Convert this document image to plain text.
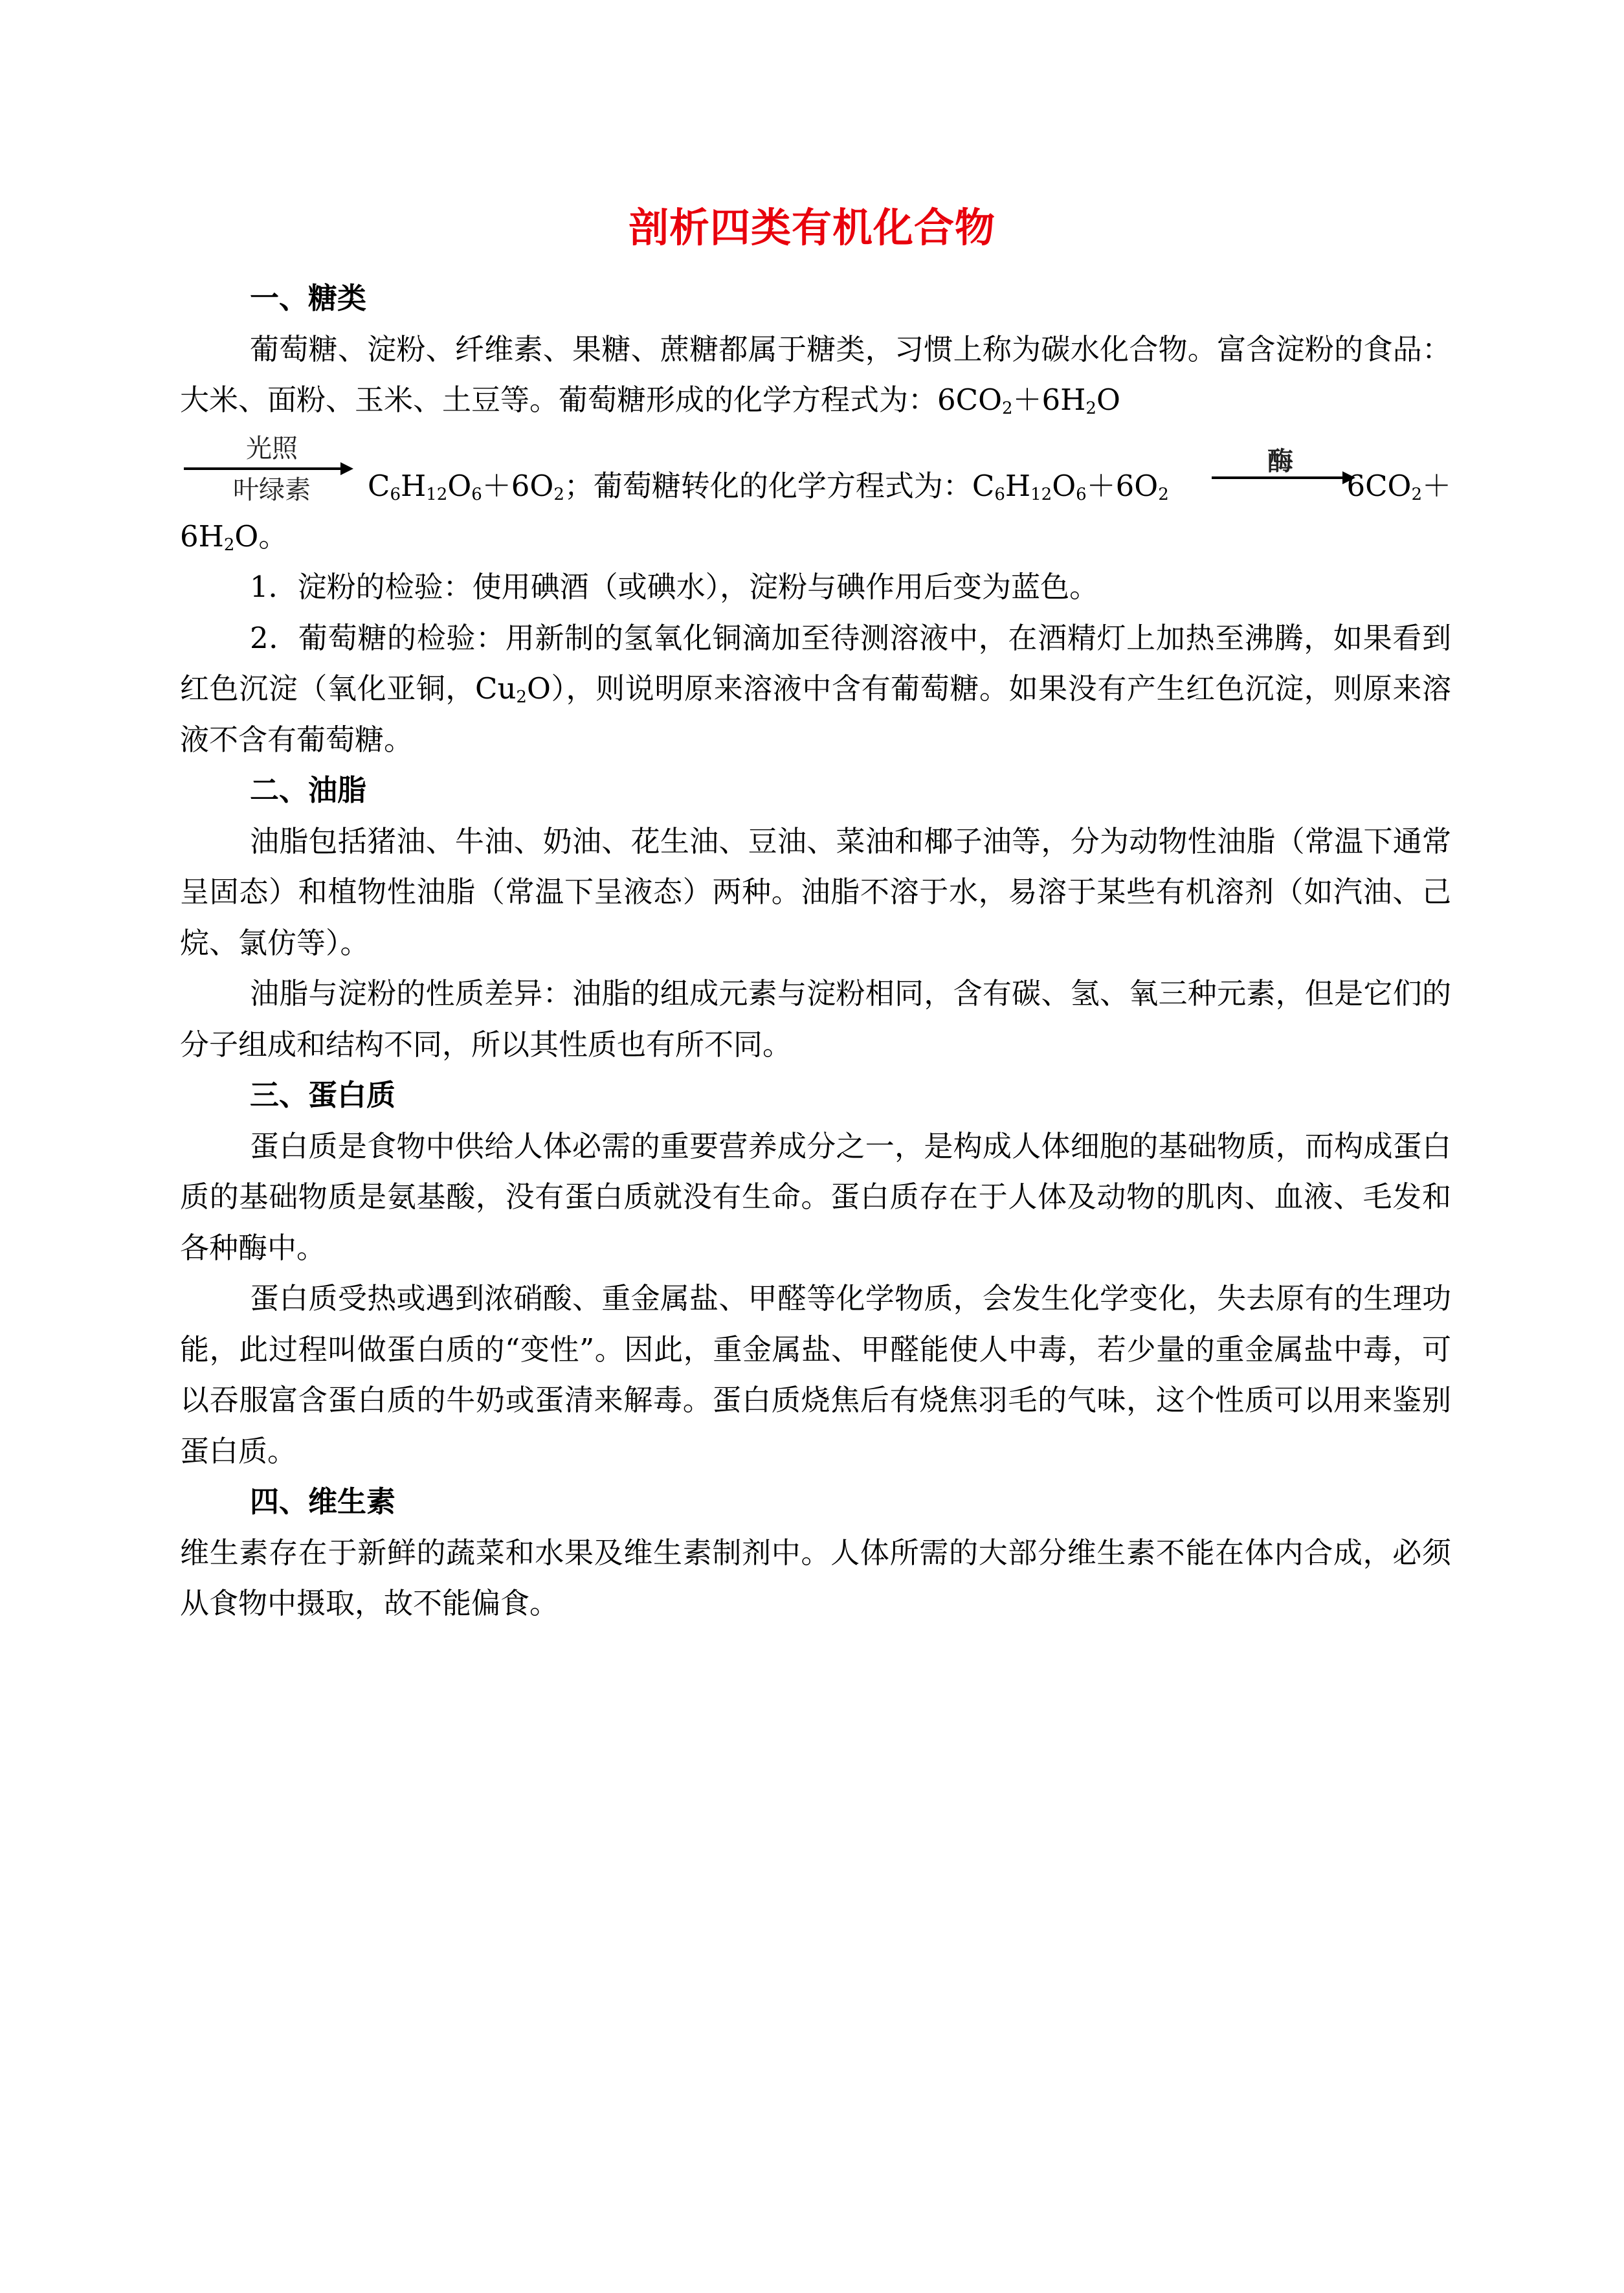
剖析四类有机化合物
一、糖类
葡萄糖、淀粉、纤维素、果糖、蔗糖都属于糖类，习惯上称为碳水化合物。富含淀粉的食品：大米、面粉、玉米、土豆等。葡萄糖形成的化学方程式为：$6CO_2+6H_2O$
光照
叶绿素 $C_6H_{12}O_6+6O_2$；葡萄糖转化的化学方程式为：$C_6H_{12}O_6+6O_2$
酶
$6CO_2+$
$6H_2O$。
1．淀粉的检验：使用碘酒（或碘水），淀粉与碘作用后变为蓝色。
2．葡萄糖的检验：用新制的氢氧化铜滴加至待测溶液中，在酒精灯上加热至沸腾，如果看到红色沉淀（氧化亚铜，$Cu_2O$），则说明原来溶液中含有葡萄糖。如果没有产生红色沉淀，则原来溶液不含有葡萄糖。
二、油脂
油脂包括猪油、牛油、奶油、花生油、豆油、菜油和椰子油等，分为动物性油脂（常温下通常呈固态）和植物性油脂（常温下呈液态）两种。油脂不溶于水，易溶于某些有机溶剂（如汽油、己烷、氯仿等）。
油脂与淀粉的性质差异：油脂的组成元素与淀粉相同，含有碳、氢、氧三种元素，但是它们的分子组成和结构不同，所以其性质也有所不同。
三、蛋白质
蛋白质是食物中供给人体必需的重要营养成分之一，是构成人体细胞的基础物质，而构成蛋白质的基础物质是氨基酸，没有蛋白质就没有生命。蛋白质存在于人体及动物的肌肉、血液、毛发和各种酶中。
蛋白质受热或遇到浓硝酸、重金属盐、甲醛等化学物质，会发生化学变化，失去原有的生理功能，此过程叫做蛋白质的“变性”。因此，重金属盐、甲醛能使人中毒，若少量的重金属盐中毒，可以吞服富含蛋白质的牛奶或蛋清来解毒。蛋白质烧焦后有烧焦羽毛的气味，这个性质可以用来鉴别蛋白质。
四、维生素
维生素存在于新鲜的蔬菜和水果及维生素制剂中。人体所需的大部分维生素不能在体内合成，必须从食物中摄取，故不能偏食。
